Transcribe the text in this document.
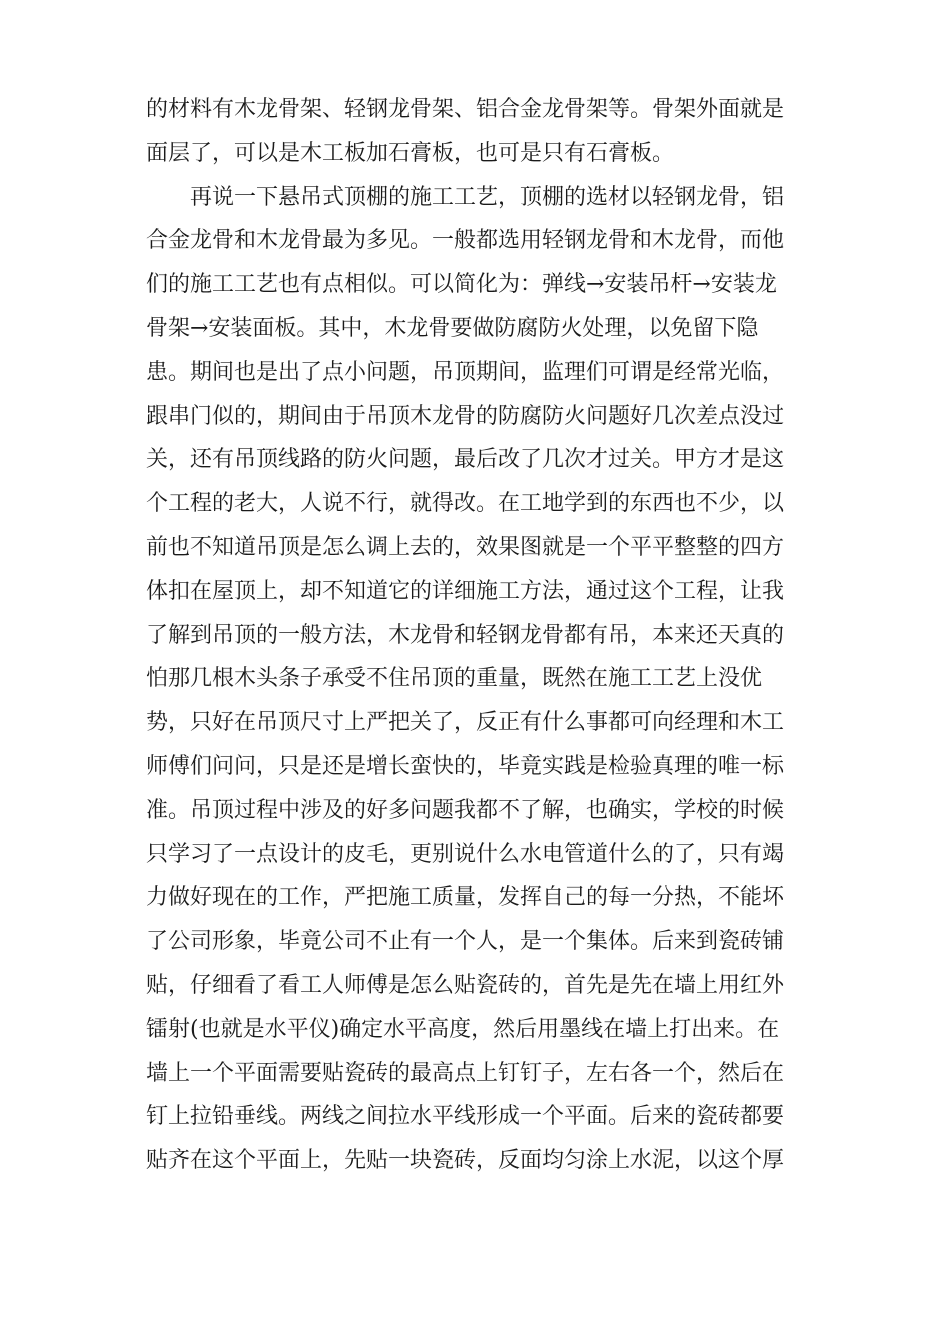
的材料有木龙骨架、轻钢龙骨架、铝合金龙骨架等。骨架外面就是
面层了，可以是木工板加石膏板，也可是只有石膏板。
再说一下悬吊式顶棚的施工工艺，顶棚的选材以轻钢龙骨，铝
合金龙骨和木龙骨最为多见。一般都选用轻钢龙骨和木龙骨，而他
们的施工工艺也有点相似。可以简化为：弹线→安装吊杆→安装龙
骨架→安装面板。其中，木龙骨要做防腐防火处理，以免留下隐
患。期间也是出了点小问题，吊顶期间，监理们可谓是经常光临，
跟串门似的，期间由于吊顶木龙骨的防腐防火问题好几次差点没过
关，还有吊顶线路的防火问题，最后改了几次才过关。甲方才是这
个工程的老大，人说不行，就得改。在工地学到的东西也不少，以
前也不知道吊顶是怎么调上去的，效果图就是一个平平整整的四方
体扣在屋顶上，却不知道它的详细施工方法，通过这个工程，让我
了解到吊顶的一般方法，木龙骨和轻钢龙骨都有吊，本来还天真的
怕那几根木头条子承受不住吊顶的重量，既然在施工工艺上没优
势，只好在吊顶尺寸上严把关了，反正有什么事都可向经理和木工
师傅们问问，只是还是增长蛮快的，毕竟实践是检验真理的唯一标
准。吊顶过程中涉及的好多问题我都不了解，也确实，学校的时候
只学习了一点设计的皮毛，更别说什么水电管道什么的了，只有竭
力做好现在的工作，严把施工质量，发挥自己的每一分热，不能坏
了公司形象，毕竟公司不止有一个人，是一个集体。后来到瓷砖铺
贴，仔细看了看工人师傅是怎么贴瓷砖的，首先是先在墙上用红外
镭射(也就是水平仪)确定水平高度，然后用墨线在墙上打出来。在
墙上一个平面需要贴瓷砖的最高点上钉钉子，左右各一个，然后在
钉上拉铅垂线。两线之间拉水平线形成一个平面。后来的瓷砖都要
贴齐在这个平面上，先贴一块瓷砖，反面均匀涂上水泥，以这个厚
